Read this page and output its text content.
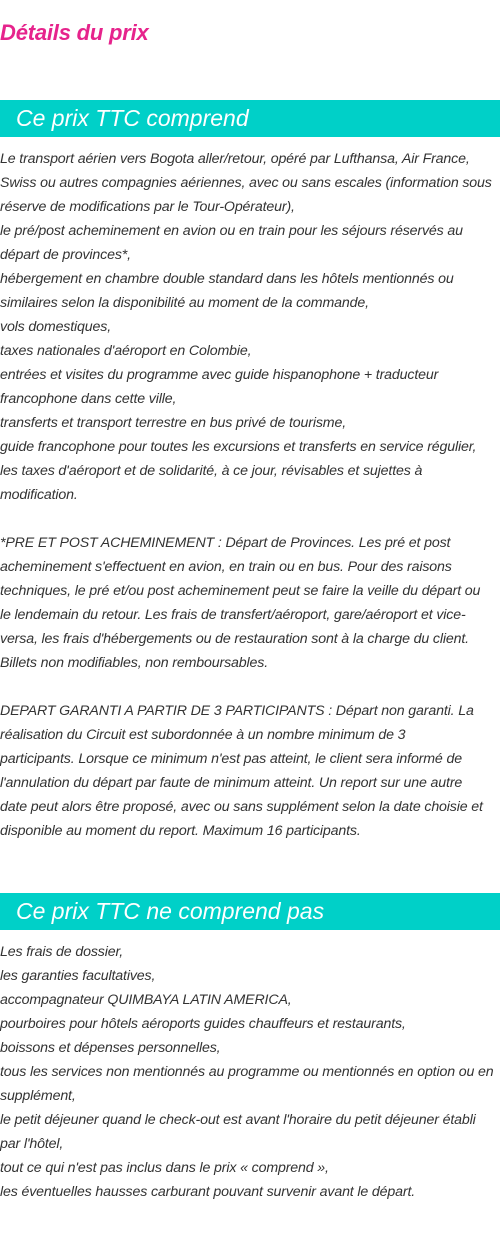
Détails du prix
Ce prix TTC comprend
Le transport aérien vers Bogota aller/retour, opéré par Lufthansa, Air France,
Swiss ou autres compagnies aériennes, avec ou sans escales (information sous
réserve de modifications par le Tour-Opérateur),
le pré/post acheminement en avion ou en train pour les séjours réservés au
départ de provinces*,
hébergement en chambre double standard dans les hôtels mentionnés ou
similaires selon la disponibilité au moment de la commande,
vols domestiques,
taxes nationales d'aéroport en Colombie,
entrées et visites du programme avec guide hispanophone + traducteur
francophone dans cette ville,
transferts et transport terrestre en bus privé de tourisme,
guide francophone pour toutes les excursions et transferts en service régulier,
les taxes d'aéroport et de solidarité, à ce jour, révisables et sujettes à
modification.
*PRE ET POST ACHEMINEMENT : Départ de Provinces. Les pré et post
acheminement s'effectuent en avion, en train ou en bus. Pour des raisons
techniques, le pré et/ou post acheminement peut se faire la veille du départ ou
le lendemain du retour. Les frais de transfert/aéroport, gare/aéroport et vice-
versa, les frais d'hébergements ou de restauration sont à la charge du client.
Billets non modifiables, non remboursables.
DEPART GARANTI A PARTIR DE 3 PARTICIPANTS : Départ non garanti. La
réalisation du Circuit est subordonnée à un nombre minimum de 3
participants. Lorsque ce minimum n'est pas atteint, le client sera informé de
l'annulation du départ par faute de minimum atteint. Un report sur une autre
date peut alors être proposé, avec ou sans supplément selon la date choisie et
disponible au moment du report. Maximum 16 participants.
Ce prix TTC ne comprend pas
Les frais de dossier,
les garanties facultatives,
accompagnateur QUIMBAYA LATIN AMERICA,
pourboires pour hôtels aéroports guides chauffeurs et restaurants,
boissons et dépenses personnelles,
tous les services non mentionnés au programme ou mentionnés en option ou en
supplément,
le petit déjeuner quand le check-out est avant l'horaire du petit déjeuner établi
par l'hôtel,
tout ce qui n'est pas inclus dans le prix « comprend »,
les éventuelles hausses carburant pouvant survenir avant le départ.
